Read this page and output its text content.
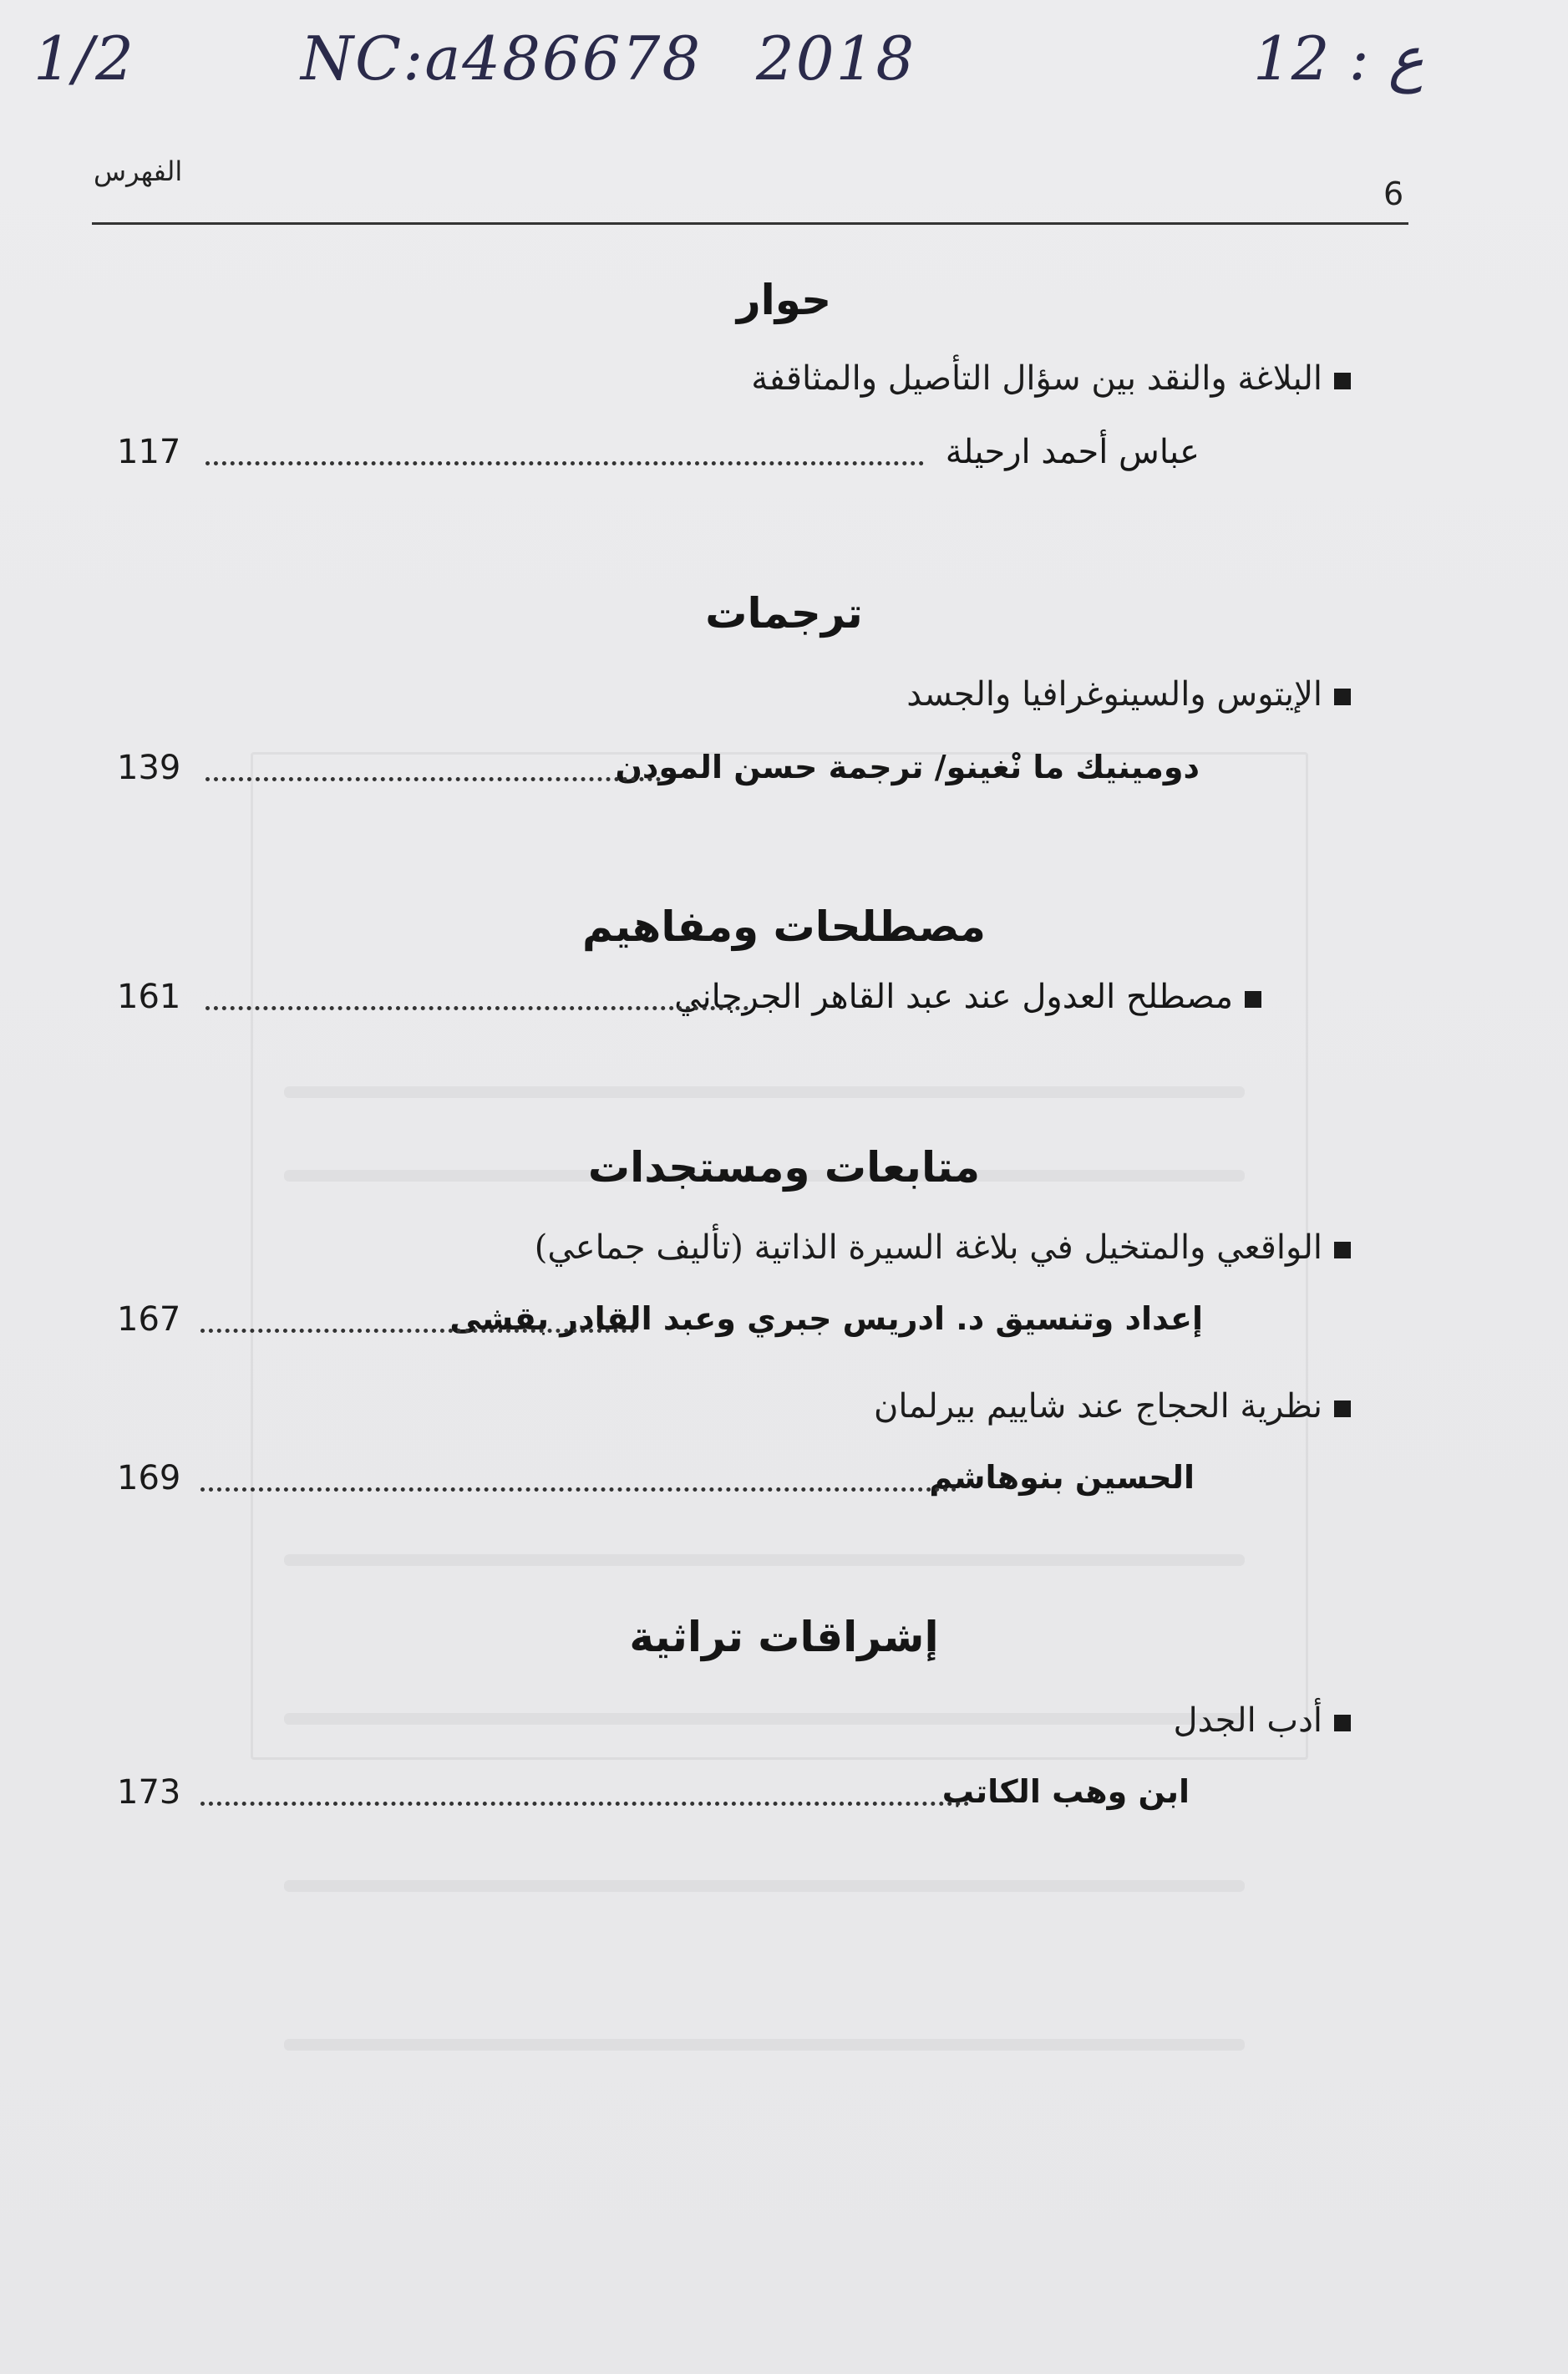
1/2	NC:a486678 2018	ع : 12
الفهرس
6
حوار
البلاغة والنقد بين سؤال التأصيل والمثاقفة
عباس أحمد ارحيلة
117
ترجمات
الإيتوس والسينوغرافيا والجسد
دومينيك ما نْغينو/ ترجمة حسن المودن
139
مصطلحات ومفاهيم
مصطلح العدول عند عبد القاهر الجرجاني
161
متابعات ومستجدات
الواقعي والمتخيل في بلاغة السيرة الذاتية (تأليف جماعي)
إعداد وتنسيق د. ادريس جبري وعبد القادر بقشى
167
نظرية الحجاج عند شاييم بيرلمان
الحسين بنوهاشم
169
إشراقات تراثية
أدب الجدل
ابن وهب الكاتب
173
